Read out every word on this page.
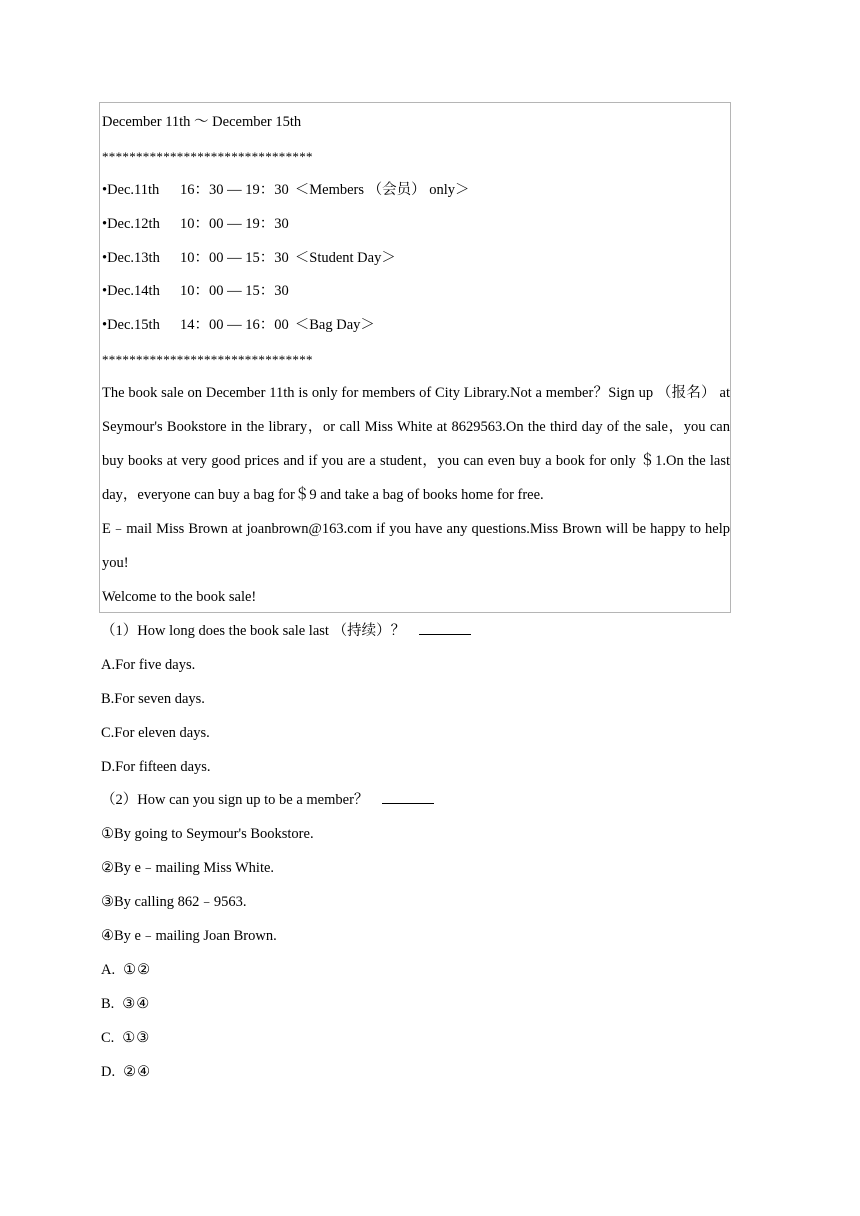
December 11th ～ December 15th
*******************************
•Dec.11th 16：30 — 19：30 ＜Members （会员） only＞
•Dec.12th 10：00 — 19：30
•Dec.13th 10：00 — 15：30 ＜Student Day＞
•Dec.14th 10：00 — 15：30
•Dec.15th 14：00 — 16：00 ＜Bag Day＞
*******************************

The book sale on December 11th is only for members of City Library.Not a member？Sign up （报名） at Seymour's Bookstore in the library，or call Miss White at 8629563.On the third day of the sale，you can buy books at very good prices and if you are a student，you can even buy a book for only ＄1.On the last day，everyone can buy a bag for＄9 and take a bag of books home for free.

E﹣mail Miss Brown at joanbrown@163.com if you have any questions.Miss Brown will be happy to help you!

Welcome to the book sale!
（1）How long does the book sale last （持续）？
A.For five days.
B.For seven days.
C.For eleven days.
D.For fifteen days.
（2）How can you sign up to be a member？
①By going to Seymour's Bookstore.
②By e﹣mailing Miss White.
③By calling 862﹣9563.
④By e﹣mailing Joan Brown.
A. ①②
B. ③④
C. ①③
D. ②④
